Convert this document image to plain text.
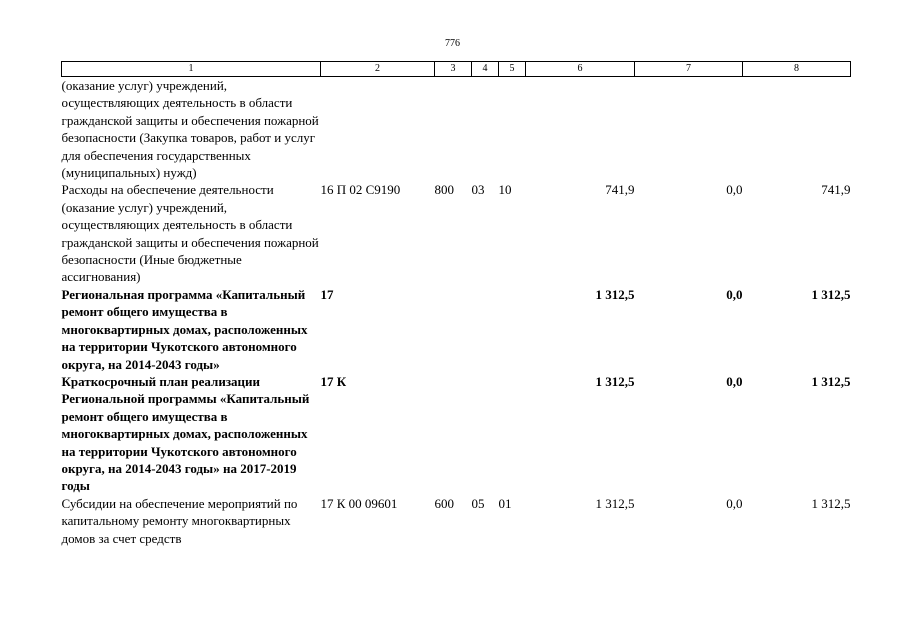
776
1	2	3	4	5	6	7	8
(оказание услуг) учреждений, осуществляющих деятельность в области гражданской защиты и обеспечения пожарной безопасности (Закупка товаров, работ и услуг для обеспечения государственных (муниципальных) нужд)							
Расходы на обеспечение деятельности (оказание услуг) учреждений, осуществляющих деятельность в области гражданской защиты и обеспечения пожарной безопасности (Иные бюджетные ассигнования)	16 П 02 С9190	800	03	10	741,9	0,0	741,9
Региональная программа «Капитальный ремонт общего имущества в многоквартирных домах, расположенных на территории Чукотского автономного округа, на 2014-2043 годы»	17				1 312,5	0,0	1 312,5
Краткосрочный план реализации Региональной программы «Капитальный ремонт общего имущества в многоквартирных домах, расположенных на территории Чукотского автономного округа, на 2014-2043 годы» на 2017-2019 годы	17 К				1 312,5	0,0	1 312,5
Субсидии на обеспечение мероприятий по капитальному ремонту многоквартирных домов за счет средств	17 К 00 09601	600	05	01	1 312,5	0,0	1 312,5
